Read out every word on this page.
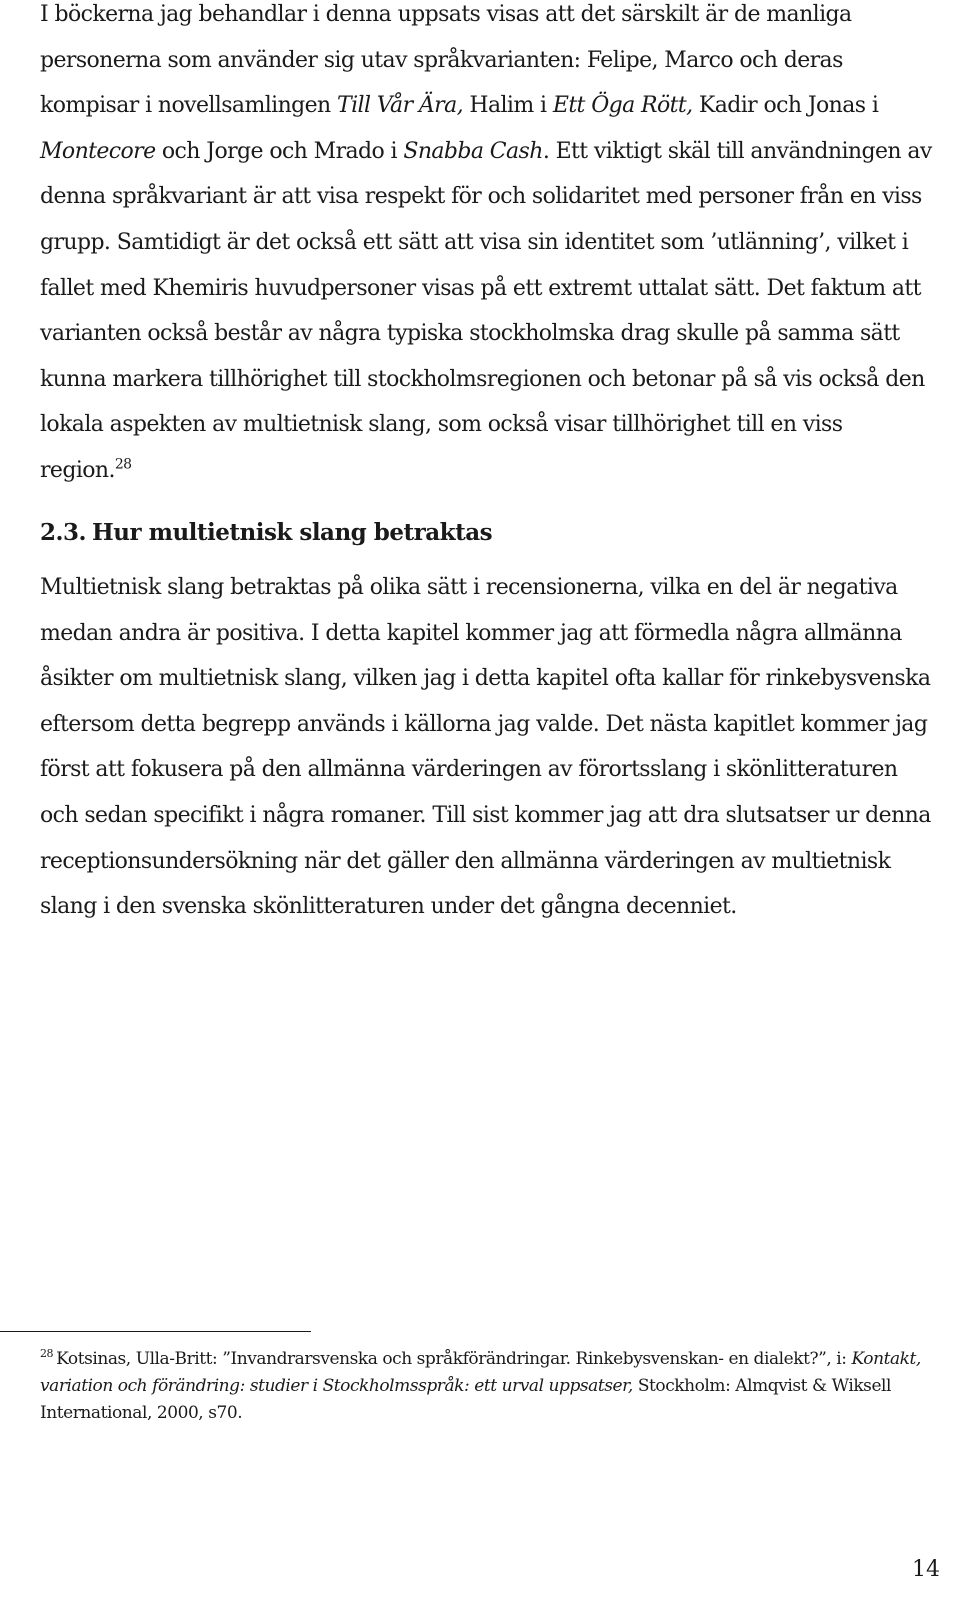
I böckerna jag behandlar i denna uppsats visas att det särskilt är de manliga personerna som använder sig utav språkvarianten: Felipe, Marco och deras kompisar i novellsamlingen Till Vår Ära, Halim i Ett Öga Rött, Kadir och Jonas i Montecore och Jorge och Mrado i Snabba Cash. Ett viktigt skäl till användningen av denna språkvariant är att visa respekt för och solidaritet med personer från en viss grupp. Samtidigt är det också ett sätt att visa sin identitet som ’utlänning’, vilket i fallet med Khemiris huvudpersoner visas på ett extremt uttalat sätt. Det faktum att varianten också består av några typiska stockholmska drag skulle på samma sätt kunna markera tillhörighet till stockholmsregionen och betonar på så vis också den lokala aspekten av multietnisk slang, som också visar tillhörighet till en viss region.$^{28}$

2.3. Hur multietnisk slang betraktas

Multietnisk slang betraktas på olika sätt i recensionerna, vilka en del är negativa medan andra är positiva. I detta kapitel kommer jag att förmedla några allmänna åsikter om multietnisk slang, vilken jag i detta kapitel ofta kallar för rinkebysvenska eftersom detta begrepp används i källorna jag valde. Det nästa kapitlet kommer jag först att fokusera på den allmänna värderingen av förortsslang i skönlitteraturen och sedan specifikt i några romaner. Till sist kommer jag att dra slutsatser ur denna receptionsundersökning när det gäller den allmänna värderingen av multietnisk slang i den svenska skönlitteraturen under det gångna decenniet.

$^{28}$ Kotsinas, Ulla-Britt: ”Invandrarsvenska och språkförändringar. Rinkebysvenskan- en dialekt?”, i: Kontakt, variation och förändring: studier i Stockholmsspråk: ett urval uppsatser, Stockholm: Almqvist & Wiksell International, 2000, s70.

14
